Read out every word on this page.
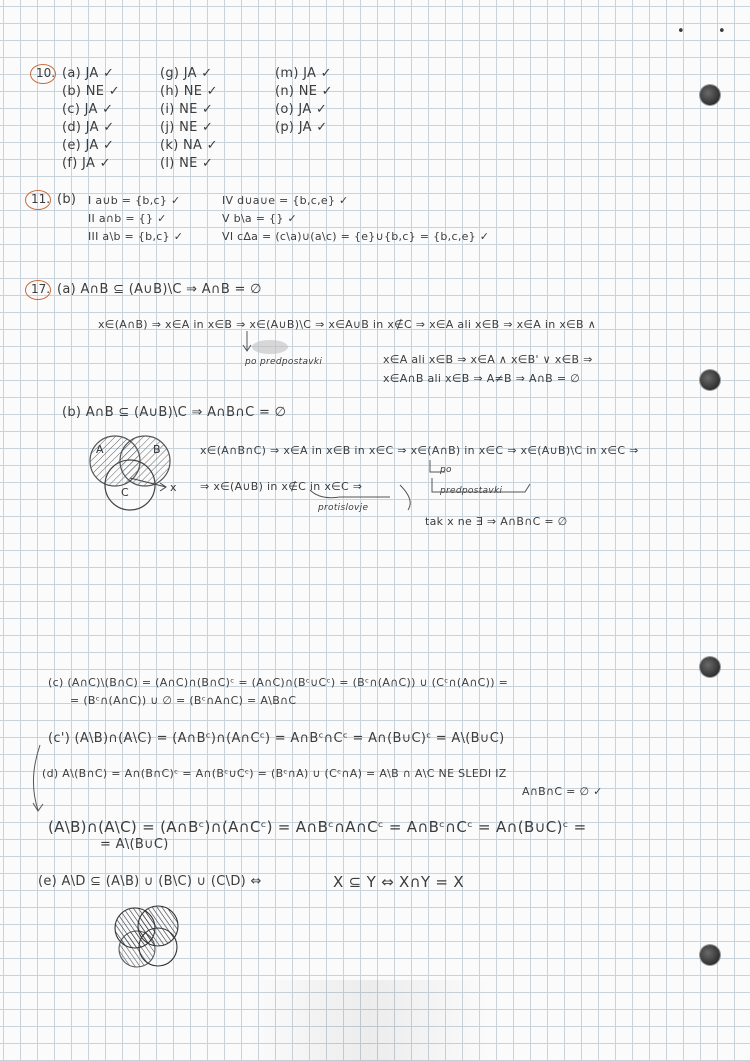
10. (a) JA ✓
(b) NE ✓
(c) JA ✓
(d) JA ✓
(e) JA ✓
(f) JA ✓
(g) JA ✓
(h) NE ✓
(i) NE ✓
(j) NE ✓
(k) NA ✓
(l) NE ✓
(m) JA ✓
(n) NE ✓
(o) JA ✓
(p) JA ✓
11. (b) I a∪b = {b,c} ✓
II a∩b = {} ✓
III a\b = {b,c} ✓
IV d∪a∪e = {b,c,e} ✓
V b\a = {} ✓
VI c∆a = (c\a)∪(a\c) = {e}∪{b,c} = {b,c,e} ✓
17. (a) A∩B ⊆ (A∪B)\C ⇒ A∩B = ∅
x∈(A∩B) ⇒ x∈A in x∈B ⇒ x∈(A∪B)\C ⇒ x∈A∪B in x∉C ⇒ x∈A ali x∈B ⇒ x∈A in x∈B ∧
po predpostavki	x∈A ali x∈B ⇒ x∈A ∧ x∈B' ∨ x∈B ⇒
x∈A∩B ali x∈B ⇒ A≠B ⇒ A∩B = ∅
(b) A∩B ⊆ (A∪B)\C ⇒ A∩B∩C = ∅
x∈(A∩B∩C) ⇒ x∈A in x∈B in x∈C ⇒ x∈(A∩B) in x∈C ⇒ x∈(A∪B)\C in x∈C ⇒
⇒ x∈(A∪B) in x∉C in x∈C ⇒
po
predpostavki
protislovje
tak x ne ∃ ⇒ A∩B∩C = ∅
A	B
C	x
(c) (A∩C)\(B∩C) = (A∩C)∩(B∩C)ᶜ = (A∩C)∩(Bᶜ∪Cᶜ) = (Bᶜ∩(A∩C)) ∪ (Cᶜ∩(A∩C)) =
= (Bᶜ∩(A∩C)) ∪ ∅ = (Bᶜ∩A∩C) = A\B∩C
(c') (A\B)∩(A\C) = (A∩Bᶜ)∩(A∩Cᶜ) = A∩Bᶜ∩Cᶜ = A∩(B∪C)ᶜ = A\(B∪C)
(d) A\(B∩C) = A∩(B∩C)ᶜ = A∩(Bᶜ∪Cᶜ) = (Bᶜ∩A) ∪ (Cᶜ∩A) = A\B ∩ A\C NE SLEDI IZ
A∩B∩C = ∅ ✓
(A\B)∩(A\C) = (A∩Bᶜ)∩(A∩Cᶜ) = A∩Bᶜ∩A∩Cᶜ = A∩Bᶜ∩Cᶜ = A∩(B∪C)ᶜ =
= A\(B∪C)
(e) A\D ⊆ (A\B) ∪ (B\C) ∪ (C\D) ⇔	X ⊆ Y ⇔ X∩Y = X
•	•
